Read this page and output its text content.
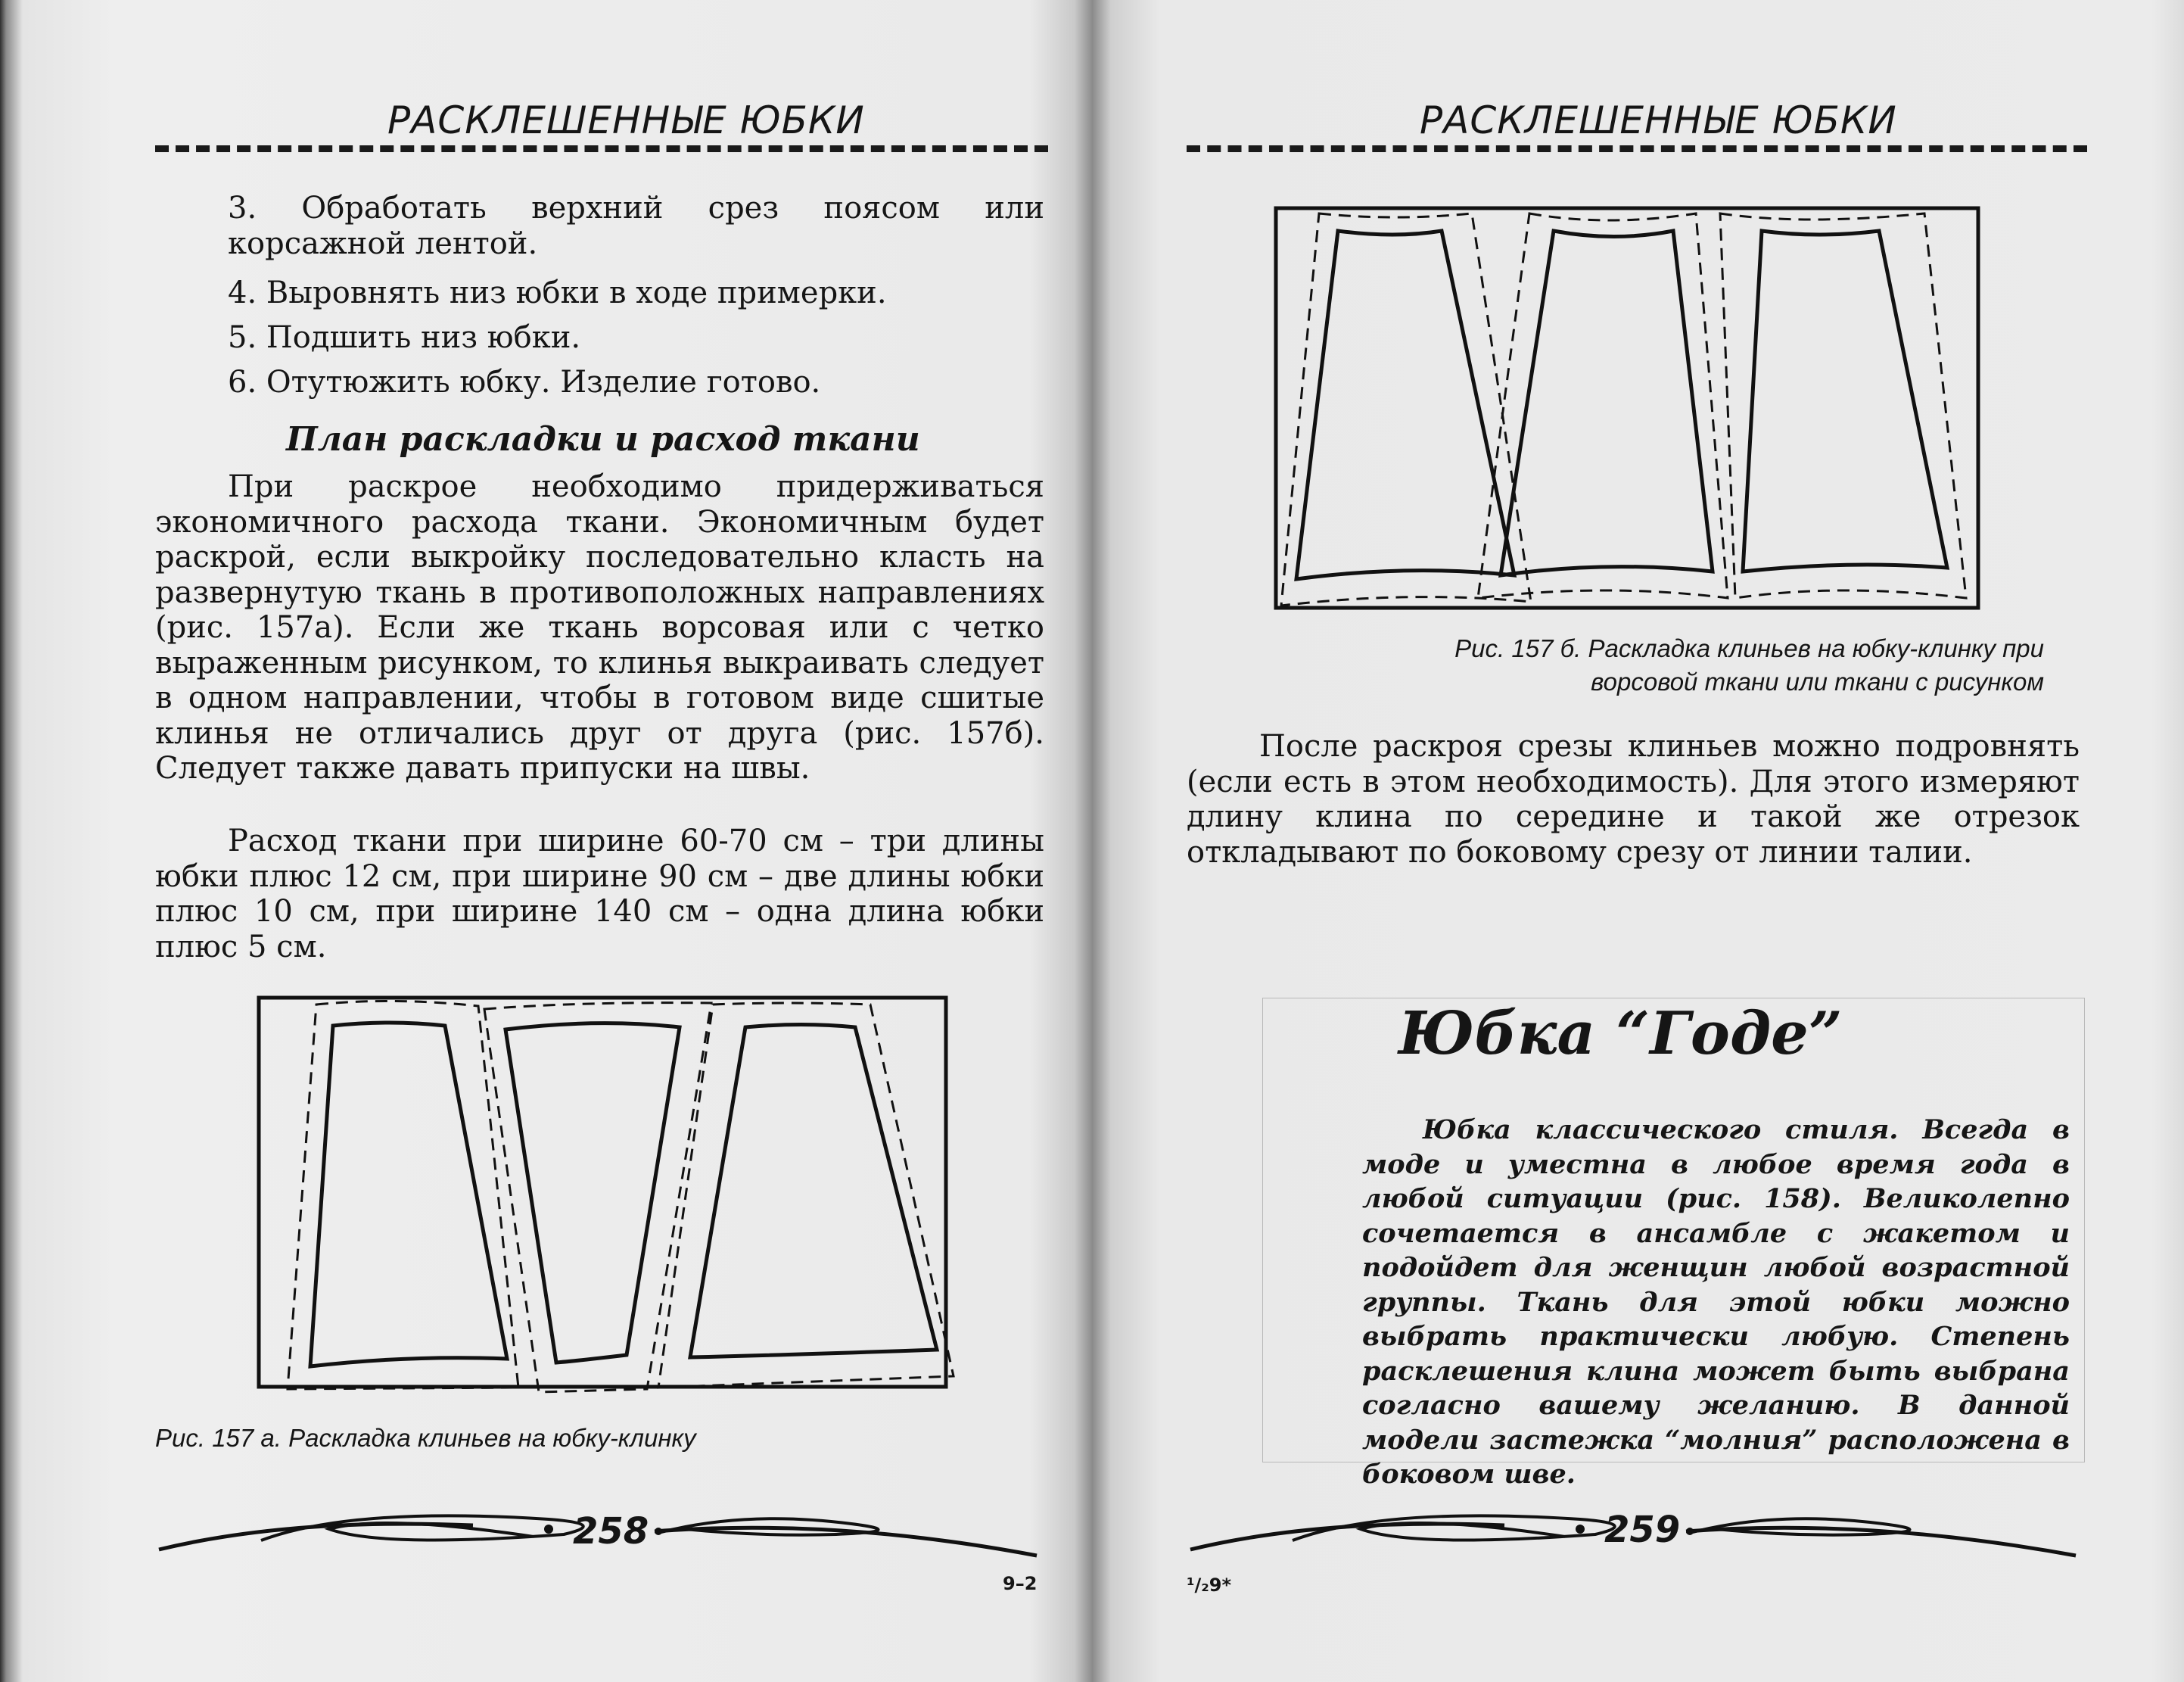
РАСКЛЕШЕННЫЕ ЮБКИ

3. Обработать верхний срез поясом или корсажной лентой.

4. Выровнять низ юбки в ходе примерки.

5. Подшить низ юбки.

6. Отутюжить юбку. Изделие готово.

План раскладки и расход ткани

При раскрое необходимо придерживаться экономичного расхода ткани. Экономичным будет раскрой, если выкройку последовательно класть на развернутую ткань в противоположных направлениях (рис. 157а). Если же ткань ворсовая или с четко выраженным рисунком, то клинья выкраивать следует в одном направлении, чтобы в готовом виде сшитые клинья не отличались друг от друга (рис. 157б). Следует также давать припуски на швы.

Расход ткани при ширине 60-70 см – три длины юбки плюс 12 см, при ширине 90 см – две длины юбки плюс 10 см, при ширине 140 см – одна длина юбки плюс 5 см.

Рис. 157 а. Раскладка клиньев на юбку-клинку
258
9–2
РАСКЛЕШЕННЫЕ ЮБКИ
Рис. 157 б. Раскладка клиньев на юбку-клинку при
ворсовой ткани или ткани с рисунком

После раскроя срезы клиньев можно подровнять (если есть в этом необходимость). Для этого измеряют длину клина по середине и такой же отрезок откладывают по боковому срезу от линии талии.

Юбка “Годе”

Юбка классического стиля. Всегда в моде и уместна в любое время года в любой ситуации (рис. 158). Великолепно сочетается в ансамбле с жакетом и подойдет для женщин любой возрастной группы. Ткань для этой юбки можно выбрать практически любую. Степень расклешения клина может быть выбрана согласно вашему желанию. В данной модели застежка “молния” расположена в боковом шве.

259
¹/₂9*
